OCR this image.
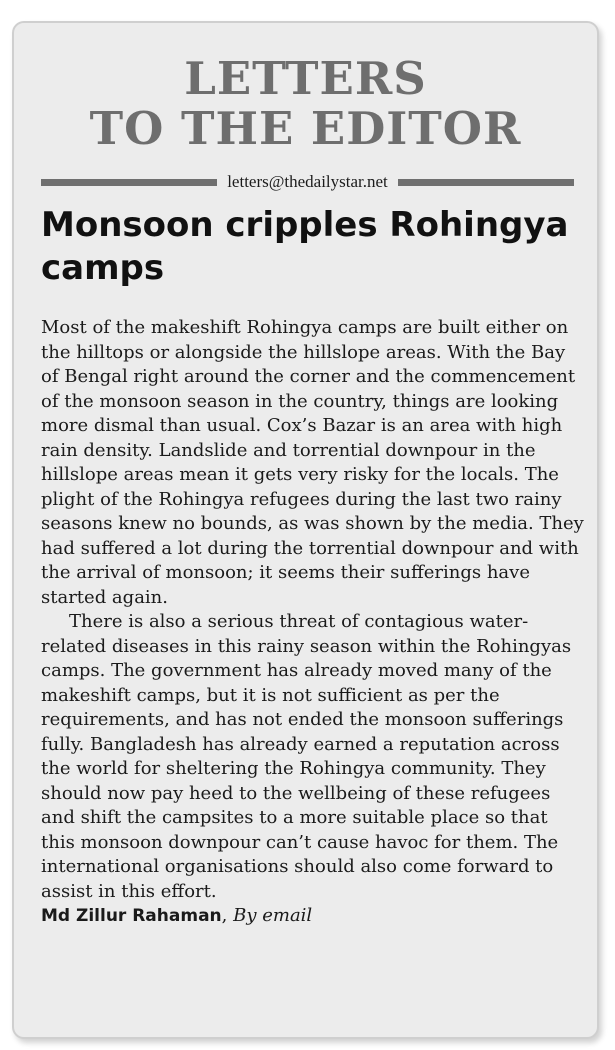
LETTERS
TO THE EDITOR
letters@thedailystar.net
Monsoon cripples Rohingya camps

Most of the makeshift Rohingya camps are built either on the hilltops or alongside the hillslope areas. With the Bay of Bengal right around the corner and the commencement of the monsoon season in the country, things are looking more dismal than usual. Cox’s Bazar is an area with high rain density. Landslide and torrential downpour in the hillslope areas mean it gets very risky for the locals. The plight of the Rohingya refugees during the last two rainy seasons knew no bounds, as was shown by the media. They had suffered a lot during the torrential downpour and with the arrival of monsoon; it seems their sufferings have started again.

There is also a serious threat of contagious water-related diseases in this rainy season within the Rohingyas camps. The government has already moved many of the makeshift camps, but it is not sufficient as per the requirements, and has not ended the monsoon sufferings fully. Bangladesh has already earned a reputation across the world for sheltering the Rohingya community. They should now pay heed to the wellbeing of these refugees and shift the campsites to a more suitable place so that this monsoon downpour can’t cause havoc for them. The international organisations should also come forward to assist in this effort.

Md Zillur Rahaman, By email
